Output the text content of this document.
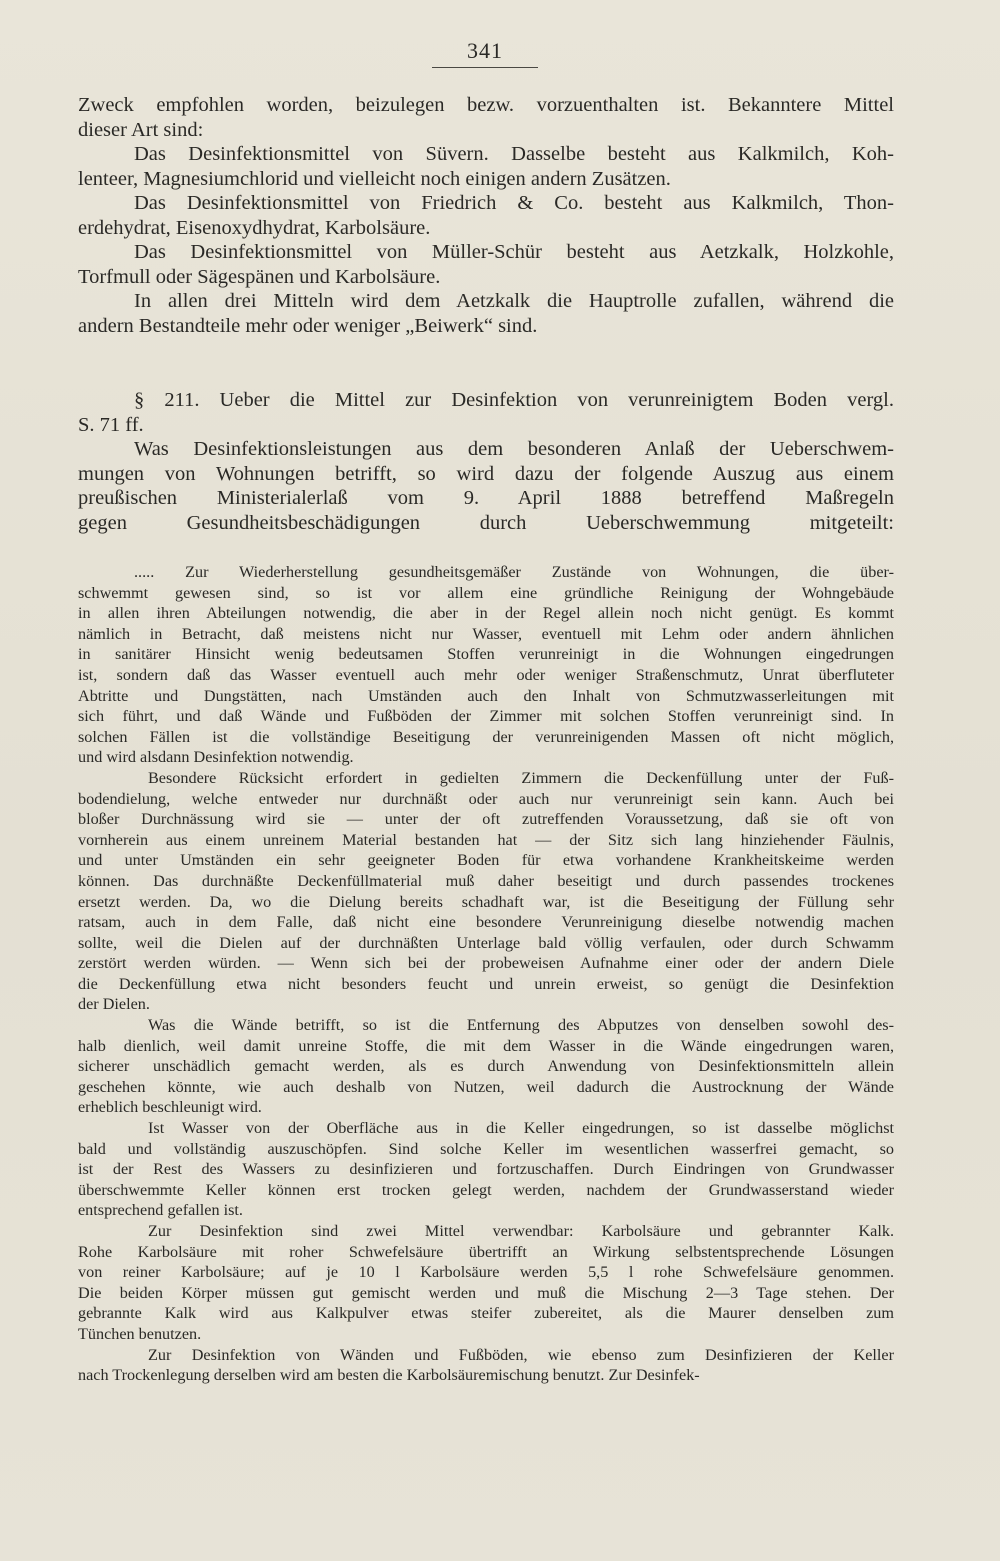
341
Zweck empfohlen worden, beizulegen bezw. vorzuenthalten ist. Bekanntere Mittel
dieser Art sind:
Das Desinfektionsmittel von Süvern. Dasselbe besteht aus Kalkmilch, Koh-
lenteer, Magnesiumchlorid und vielleicht noch einigen andern Zusätzen.
Das Desinfektionsmittel von Friedrich & Co. besteht aus Kalkmilch, Thon-
erdehydrat, Eisenoxydhydrat, Karbolsäure.
Das Desinfektionsmittel von Müller-Schür besteht aus Aetzkalk, Holzkohle,
Torfmull oder Sägespänen und Karbolsäure.
In allen drei Mitteln wird dem Aetzkalk die Hauptrolle zufallen, während die
andern Bestandteile mehr oder weniger „Beiwerk“ sind.
§ 211. Ueber die Mittel zur Desinfektion von verunreinigtem Boden vergl.
S. 71 ff.
Was Desinfektionsleistungen aus dem besonderen Anlaß der Ueberschwem-
mungen von Wohnungen betrifft, so wird dazu der folgende Auszug aus einem
preußischen Ministerialerlaß vom 9. April 1888 betreffend Maßregeln
gegen Gesundheitsbeschädigungen durch Ueberschwemmung mitgeteilt:
..... Zur Wiederherstellung gesundheitsgemäßer Zustände von Wohnungen, die über-
schwemmt gewesen sind, so ist vor allem eine gründliche Reinigung der Wohngebäude
in allen ihren Abteilungen notwendig, die aber in der Regel allein noch nicht genügt. Es kommt
nämlich in Betracht, daß meistens nicht nur Wasser, eventuell mit Lehm oder andern ähnlichen
in sanitärer Hinsicht wenig bedeutsamen Stoffen verunreinigt in die Wohnungen eingedrungen
ist, sondern daß das Wasser eventuell auch mehr oder weniger Straßenschmutz, Unrat überfluteter
Abtritte und Dungstätten, nach Umständen auch den Inhalt von Schmutzwasserleitungen mit
sich führt, und daß Wände und Fußböden der Zimmer mit solchen Stoffen verunreinigt sind. In
solchen Fällen ist die vollständige Beseitigung der verunreinigenden Massen oft nicht möglich,
und wird alsdann Desinfektion notwendig.
Besondere Rücksicht erfordert in gedielten Zimmern die Deckenfüllung unter der Fuß-
bodendielung, welche entweder nur durchnäßt oder auch nur verunreinigt sein kann. Auch bei
bloßer Durchnässung wird sie — unter der oft zutreffenden Voraussetzung, daß sie oft von
vornherein aus einem unreinem Material bestanden hat — der Sitz sich lang hinziehender Fäulnis,
und unter Umständen ein sehr geeigneter Boden für etwa vorhandene Krankheitskeime werden
können. Das durchnäßte Deckenfüllmaterial muß daher beseitigt und durch passendes trockenes
ersetzt werden. Da, wo die Dielung bereits schadhaft war, ist die Beseitigung der Füllung sehr
ratsam, auch in dem Falle, daß nicht eine besondere Verunreinigung dieselbe notwendig machen
sollte, weil die Dielen auf der durchnäßten Unterlage bald völlig verfaulen, oder durch Schwamm
zerstört werden würden. — Wenn sich bei der probeweisen Aufnahme einer oder der andern Diele
die Deckenfüllung etwa nicht besonders feucht und unrein erweist, so genügt die Desinfektion
der Dielen.
Was die Wände betrifft, so ist die Entfernung des Abputzes von denselben sowohl des-
halb dienlich, weil damit unreine Stoffe, die mit dem Wasser in die Wände eingedrungen waren,
sicherer unschädlich gemacht werden, als es durch Anwendung von Desinfektionsmitteln allein
geschehen könnte, wie auch deshalb von Nutzen, weil dadurch die Austrocknung der Wände
erheblich beschleunigt wird.
Ist Wasser von der Oberfläche aus in die Keller eingedrungen, so ist dasselbe möglichst
bald und vollständig auszuschöpfen. Sind solche Keller im wesentlichen wasserfrei gemacht, so
ist der Rest des Wassers zu desinfizieren und fortzuschaffen. Durch Eindringen von Grundwasser
überschwemmte Keller können erst trocken gelegt werden, nachdem der Grundwasserstand wieder
entsprechend gefallen ist.
Zur Desinfektion sind zwei Mittel verwendbar: Karbolsäure und gebrannter Kalk.
Rohe Karbolsäure mit roher Schwefelsäure übertrifft an Wirkung selbstentsprechende Lösungen
von reiner Karbolsäure; auf je 10 l Karbolsäure werden 5,5 l rohe Schwefelsäure genommen.
Die beiden Körper müssen gut gemischt werden und muß die Mischung 2—3 Tage stehen. Der
gebrannte Kalk wird aus Kalkpulver etwas steifer zubereitet, als die Maurer denselben zum
Tünchen benutzen.
Zur Desinfektion von Wänden und Fußböden, wie ebenso zum Desinfizieren der Keller
nach Trockenlegung derselben wird am besten die Karbolsäuremischung benutzt. Zur Desinfek-
